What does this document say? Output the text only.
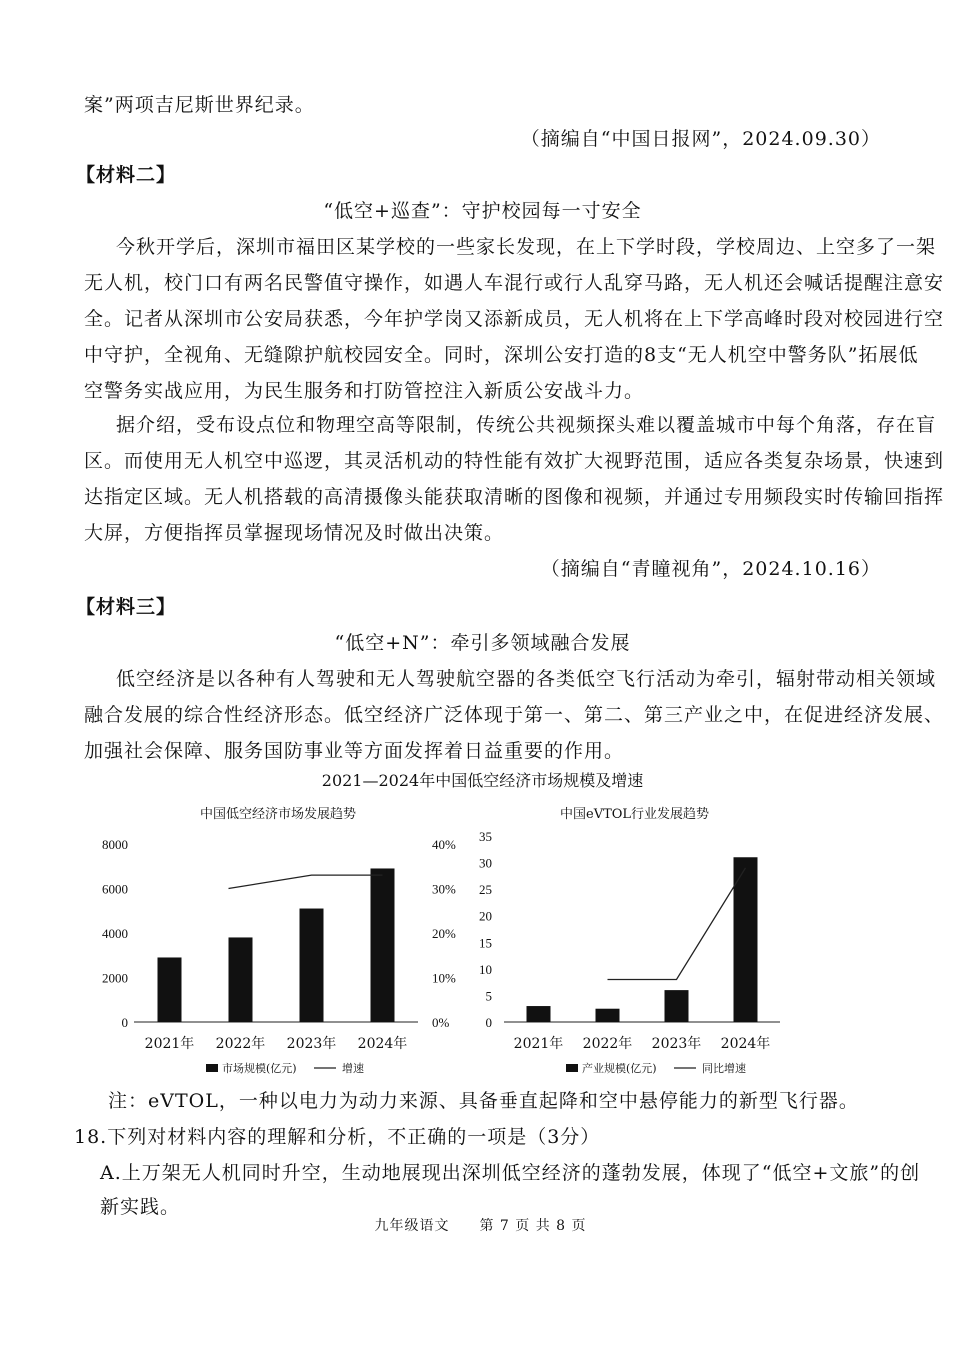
案”两项吉尼斯世界纪录。
（摘编自“中国日报网”，2024.09.30）
【材料二】
“低空+巡查”：守护校园每一寸安全
今秋开学后，深圳市福田区某学校的一些家长发现，在上下学时段，学校周边、上空多了一架
无人机，校门口有两名民警值守操作，如遇人车混行或行人乱穿马路，无人机还会喊话提醒注意安
全。记者从深圳市公安局获悉，今年护学岗又添新成员，无人机将在上下学高峰时段对校园进行空
中守护，全视角、无缝隙护航校园安全。同时，深圳公安打造的8支“无人机空中警务队”拓展低
空警务实战应用，为民生服务和打防管控注入新质公安战斗力。
据介绍，受布设点位和物理空高等限制，传统公共视频探头难以覆盖城市中每个角落，存在盲
区。而使用无人机空中巡逻，其灵活机动的特性能有效扩大视野范围，适应各类复杂场景，快速到
达指定区域。无人机搭载的高清摄像头能获取清晰的图像和视频，并通过专用频段实时传输回指挥
大屏，方便指挥员掌握现场情况及时做出决策。
（摘编自“青瞳视角”，2024.10.16）
【材料三】
“低空+N”：牵引多领域融合发展
低空经济是以各种有人驾驶和无人驾驶航空器的各类低空飞行活动为牵引，辐射带动相关领域
融合发展的综合性经济形态。低空经济广泛体现于第一、第二、第三产业之中，在促进经济发展、
加强社会保障、服务国防事业等方面发挥着日益重要的作用。
2021—2024年中国低空经济市场规模及增速
中国低空经济市场发展趋势	中国eVTOL行业发展趋势
0
2000
4000
6000
8000
0%
10%
20%
30%
40%
2021年 2022年 2023年 2024年
市场规模(亿元)	增速
0
5
10
15
20
25
30
35
2021年 2022年 2023年 2024年
产业规模(亿元)	同比增速
注：eVTOL，一种以电力为动力来源、具备垂直起降和空中悬停能力的新型飞行器。
18.下列对材料内容的理解和分析，不正确的一项是（3分）
A.上万架无人机同时升空，生动地展现出深圳低空经济的蓬勃发展，体现了“低空+文旅”的创
新实践。
九年级语文　　第 7 页 共 8 页
